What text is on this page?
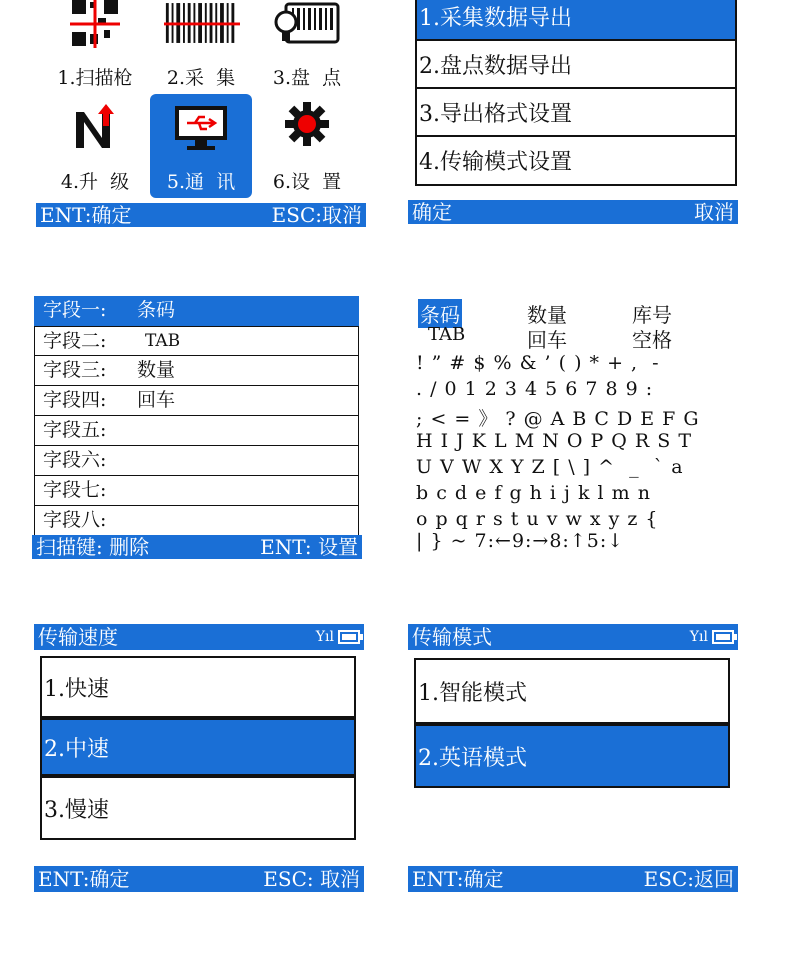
1.扫描枪	2.采  集	3.盘  点
4.升  级	5.通  讯	6.设  置
ENT:确定	ESC:取消
1.采集数据导出
2.盘点数据导出
3.导出格式设置
4.传输模式设置
确定	取消
字段一: 条码
字段二: TAB
字段三: 数量
字段四: 回车
字段五:
字段六:
字段七:
字段八:
扫描键: 删除	ENT: 设置
条码	数量	库号
TAB	回车	空格
! ” # $ % & ’ ( ) * + ,  -
. / 0 1 2 3 4 5 6 7 8 9 :
; < = 》 ? @ A B C D E F G
H I J K L M N O P Q R S T
U V W X Y Z [ \ ] ^  _  ` a
b c d e f g h i j k l m n
o p q r s t u v w x y z {
| } ~ 7:←9:→8:↑5:↓
传输速度	Yıl
1.快速
2.中速
3.慢速
ENT:确定	ESC: 取消
传输模式	Yıl
1.智能模式
2.英语模式
ENT:确定	ESC:返回
